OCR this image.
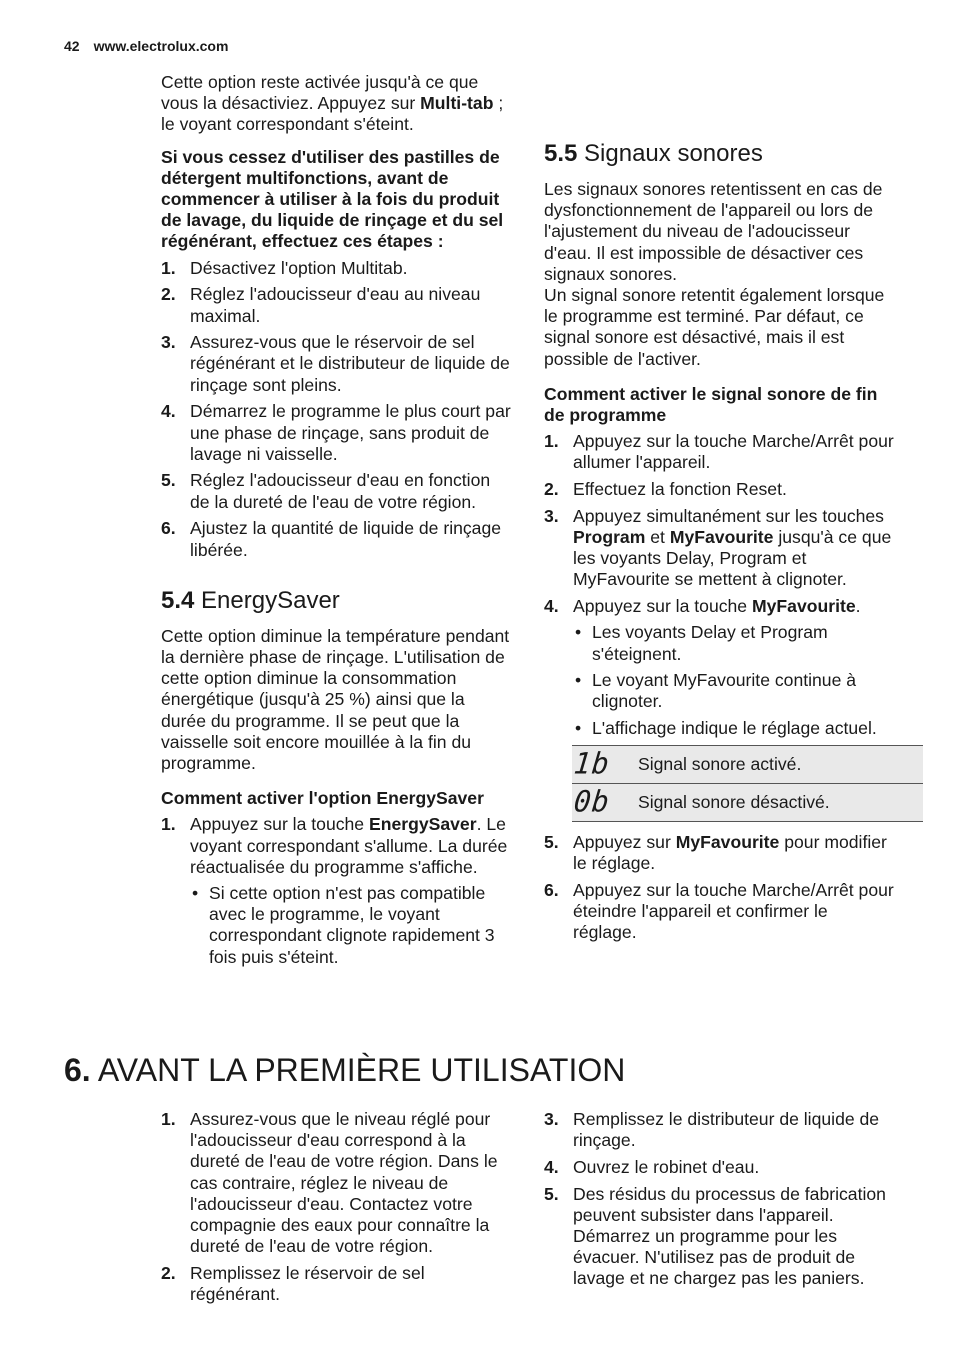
42 www.electrolux.com

Cette option reste activée jusqu'à ce que vous la désactiviez. Appuyez sur Multi-tab ; le voyant correspondant s'éteint.

Si vous cessez d'utiliser des pastilles de détergent multifonctions, avant de commencer à utiliser à la fois du produit de lavage, du liquide de rinçage et du sel régénérant, effectuez ces étapes :

1. Désactivez l'option Multitab.
2. Réglez l'adoucisseur d'eau au niveau maximal.
3. Assurez-vous que le réservoir de sel régénérant et le distributeur de liquide de rinçage sont pleins.
4. Démarrez le programme le plus court par une phase de rinçage, sans produit de lavage ni vaisselle.
5. Réglez l'adoucisseur d'eau en fonction de la dureté de l'eau de votre région.
6. Ajustez la quantité de liquide de rinçage libérée.
5.4 EnergySaver

Cette option diminue la température pendant la dernière phase de rinçage. L'utilisation de cette option diminue la consommation énergétique (jusqu'à 25 %) ainsi que la durée du programme. Il se peut que la vaisselle soit encore mouillée à la fin du programme.

Comment activer l'option EnergySaver

1. Appuyez sur la touche EnergySaver. Le voyant correspondant s'allume. La durée réactualisée du programme s'affiche.
• Si cette option n'est pas compatible avec le programme, le voyant correspondant clignote rapidement 3 fois puis s'éteint.
5.5 Signaux sonores

Les signaux sonores retentissent en cas de dysfonctionnement de l'appareil ou lors de l'ajustement du niveau de l'adoucisseur d'eau. Il est impossible de désactiver ces signaux sonores.

Un signal sonore retentit également lorsque le programme est terminé. Par défaut, ce signal sonore est désactivé, mais il est possible de l'activer.

Comment activer le signal sonore de fin de programme

1. Appuyez sur la touche Marche/Arrêt pour allumer l'appareil.
2. Effectuez la fonction Reset.
3. Appuyez simultanément sur les touches Program et MyFavourite jusqu'à ce que les voyants Delay, Program et MyFavourite se mettent à clignoter.
4. Appuyez sur la touche MyFavourite.
• Les voyants Delay et Program s'éteignent.
• Le voyant MyFavourite continue à clignoter.
• L'affichage indique le réglage actuel.
1b	Signal sonore activé.
0b	Signal sonore désactivé.
5. Appuyez sur MyFavourite pour modifier le réglage.
6. Appuyez sur la touche Marche/Arrêt pour éteindre l'appareil et confirmer le réglage.
6. AVANT LA PREMIÈRE UTILISATION
1. Assurez-vous que le niveau réglé pour l'adoucisseur d'eau correspond à la dureté de l'eau de votre région. Dans le cas contraire, réglez le niveau de l'adoucisseur d'eau. Contactez votre compagnie des eaux pour connaître la dureté de l'eau de votre région.
2. Remplissez le réservoir de sel régénérant.
3. Remplissez le distributeur de liquide de rinçage.
4. Ouvrez le robinet d'eau.
5. Des résidus du processus de fabrication peuvent subsister dans l'appareil. Démarrez un programme pour les évacuer. N'utilisez pas de produit de lavage et ne chargez pas les paniers.
